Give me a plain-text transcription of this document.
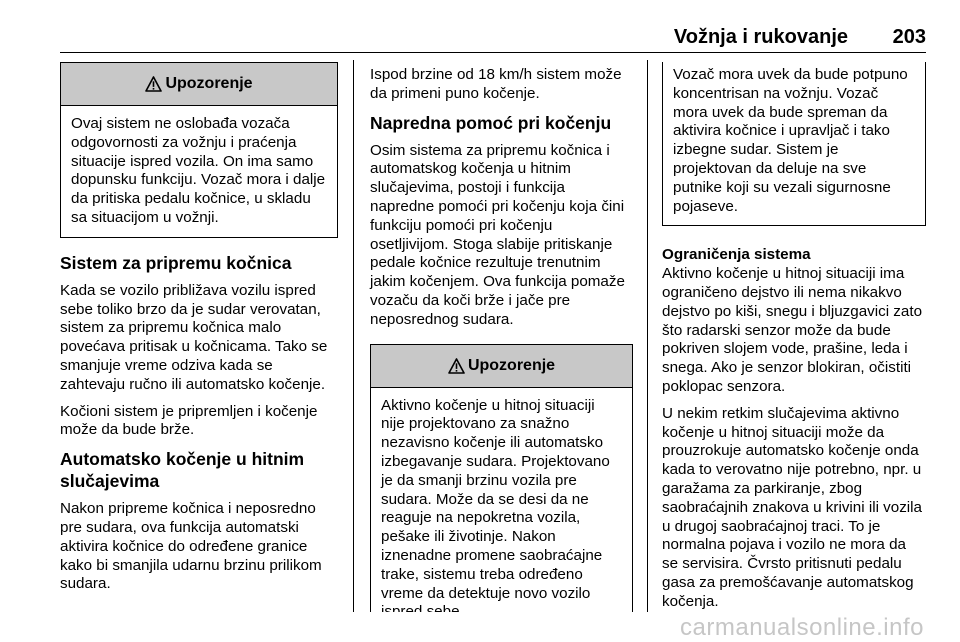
Vožnja i rukovanje 203
Upozorenje
Ovaj sistem ne oslobađa vozača odgovornosti za vožnju i praćenja situacije ispred vozila. On ima samo dopunsku funkciju. Vozač mora i dalje da pritiska pedalu kočnice, u skladu sa situacijom u vožnji.
Sistem za pripremu kočnica

Kada se vozilo približava vozilu ispred sebe toliko brzo da je sudar verovatan, sistem za pripremu kočnica malo povećava pritisak u kočnicama. Tako se smanjuje vreme odziva kada se zahtevaju ručno ili automatsko kočenje.

Kočioni sistem je pripremljen i kočenje može da bude brže.

Automatsko kočenje u hitnim slučajevima

Nakon pripreme kočnica i neposredno pre sudara, ova funkcija automatski aktivira kočnice do određene granice kako bi smanjila udarnu brzinu prilikom sudara.

Ispod brzine od 18 km/h sistem može da primeni puno kočenje.

Napredna pomoć pri kočenju

Osim sistema za pripremu kočnica i automatskog kočenja u hitnim slučajevima, postoji i funkcija napredne pomoći pri kočenju koja čini funkciju pomoći pri kočenju osetljivijom. Stoga slabije pritiskanje pedale kočnice rezultuje trenutnim jakim kočenjem. Ova funkcija pomaže vozaču da koči brže i jače pre neposrednog sudara.

Upozorenje
Aktivno kočenje u hitnoj situaciji nije projektovano za snažno nezavisno kočenje ili automatsko izbegavanje sudara. Projektovano je da smanji brzinu vozila pre sudara. Može da se desi da ne reaguje na nepokretna vozila, pešake ili životinje. Nakon iznenadne promene saobraćajne trake, sistemu treba određeno vreme da detektuje novo vozilo
Vozač mora uvek da bude potpuno koncentrisan na vožnju. Vozač mora uvek da bude spreman da aktivira kočnice i upravljač i tako izbegne sudar. Sistem je projektovan da deluje na sve putnike koji su vezali sigurnosne pojaseve.
Ograničenja sistema

Aktivno kočenje u hitnoj situaciji ima ograničeno dejstvo ili nema nikakvo dejstvo po kiši, snegu i bljuzgavici zato što radarski senzor može da bude pokriven slojem vode, prašine, leda i snega. Ako je senzor blokiran, očistiti poklopac senzora.

U nekim retkim slučajevima aktivno kočenje u hitnoj situaciji može da prouzrokuje automatsko kočenje onda kada to verovatno nije potrebno, npr. u garažama za parkiranje, zbog saobraćajnih znakova u krivini ili vozila u drugoj saobraćajnoj traci. To je normalna pojava i vozilo ne mora da se servisira. Čvrsto pritisnuti pedalu gasa za premošćavanje automatskog kočenja.

carmanualsonline.info
